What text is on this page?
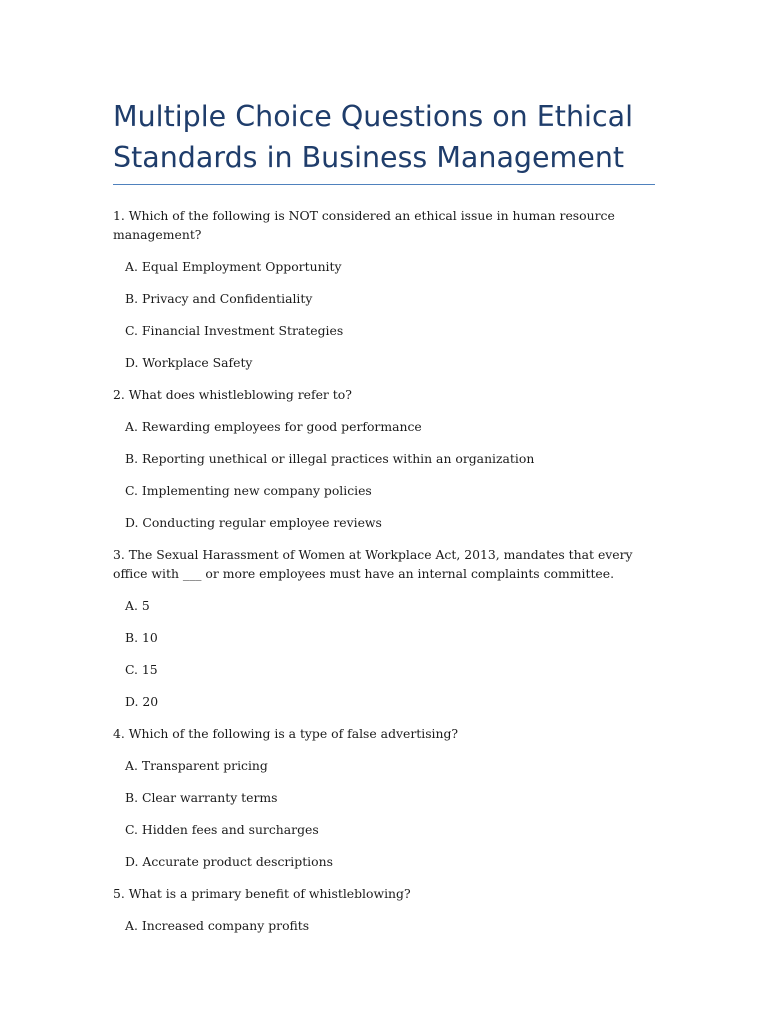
Multiple Choice Questions on Ethical Standards in Business Management

1. Which of the following is NOT considered an ethical issue in human resource management?

A. Equal Employment Opportunity

B. Privacy and Confidentiality

C. Financial Investment Strategies

D. Workplace Safety

2. What does whistleblowing refer to?

A. Rewarding employees for good performance

B. Reporting unethical or illegal practices within an organization

C. Implementing new company policies

D. Conducting regular employee reviews

3. The Sexual Harassment of Women at Workplace Act, 2013, mandates that every office with ___ or more employees must have an internal complaints committee.

A. 5

B. 10

C. 15

D. 20

4. Which of the following is a type of false advertising?

A. Transparent pricing

B. Clear warranty terms

C. Hidden fees and surcharges

D. Accurate product descriptions

5. What is a primary benefit of whistleblowing?

A. Increased company profits
